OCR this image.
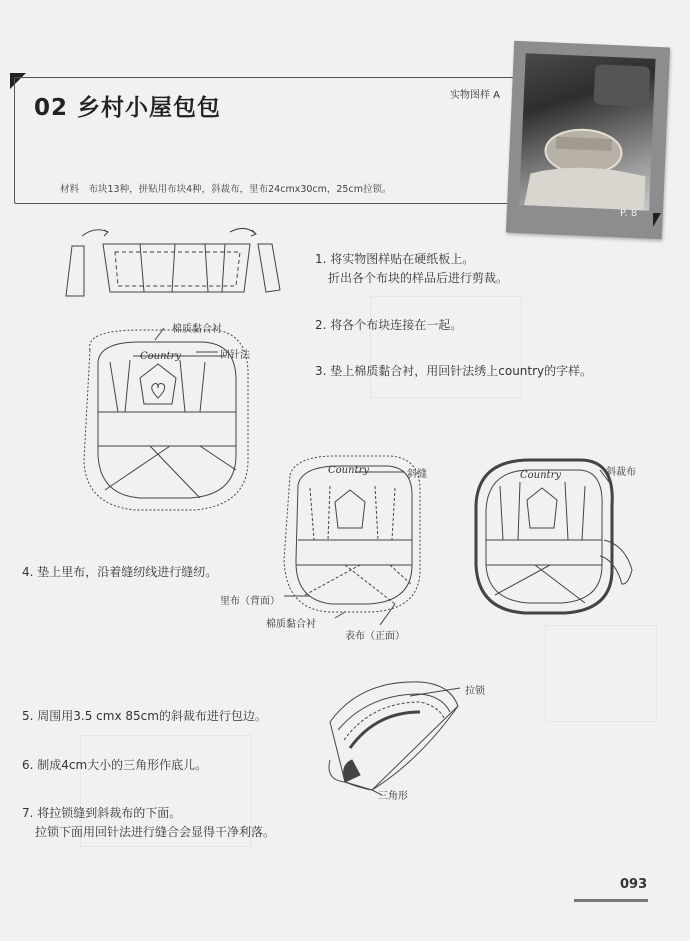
02 乡村小屋包包	实物图样 A
材料　布块13种，拼贴用布块4种，斜裁布，里布24cmx30cm，25cm拉锁。
P. 8
棉质黏合衬
回针法
Country
Country	Country
斜缝	斜裁布
里布（背面）
棉质黏合衬
表布（正面）
拉锁
三角形
1. 将实物图样贴在硬纸板上。
折出各个布块的样品后进行剪裁。
2. 将各个布块连接在一起。
3. 垫上棉质黏合衬，用回针法绣上country的字样。
4. 垫上里布，沿着缝纫线进行缝纫。
5. 周围用3.5 cmx 85cm的斜裁布进行包边。
6. 制成4cm大小的三角形作底儿。
7. 将拉锁缝到斜裁布的下面。
拉锁下面用回针法进行缝合会显得干净利落。
093
